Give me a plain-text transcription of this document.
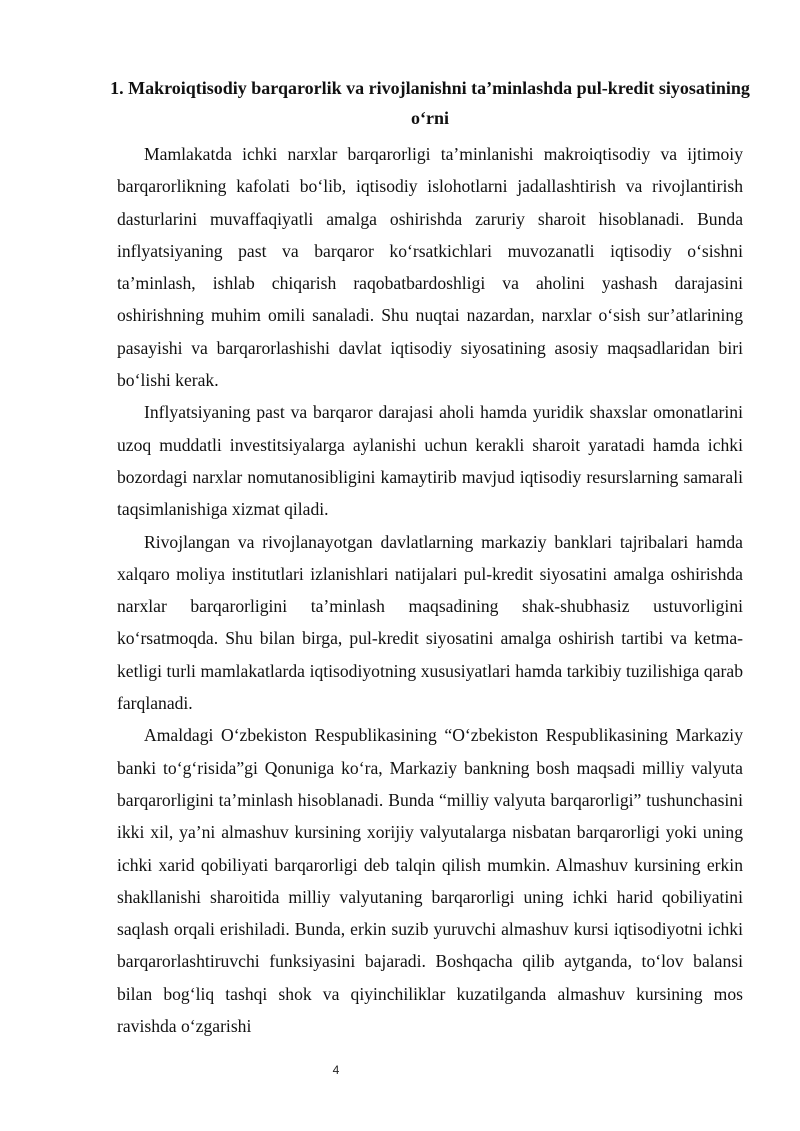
1. Makroiqtisodiy barqarorlik va rivojlanishni ta’minlashda pul-kredit siyosatining o‘rni

Mamlakatda ichki narxlar barqarorligi ta’minlanishi makroiqtisodiy va ijtimoiy barqarorlikning kafolati bo‘lib, iqtisodiy islohotlarni jadallashtirish va rivojlantirish dasturlarini muvaffaqiyatli amalga oshirishda zaruriy sharoit hisoblanadi. Bunda inflyatsiyaning past va barqaror ko‘rsatkichlari muvozanatli iqtisodiy o‘sishni ta’minlash, ishlab chiqarish raqobatbardoshligi va aholini yashash darajasini oshirishning muhim omili sanaladi. Shu nuqtai nazardan, narxlar o‘sish sur’atlarining pasayishi va barqarorlashishi davlat iqtisodiy siyosatining asosiy maqsadlaridan biri bo‘lishi kerak.

Inflyatsiyaning past va barqaror darajasi aholi hamda yuridik shaxslar omonatlarini uzoq muddatli investitsiyalarga aylanishi uchun kerakli sharoit yaratadi hamda ichki bozordagi narxlar nomutanosibligini kamaytirib mavjud iqtisodiy resurslarning samarali taqsimlanishiga xizmat qiladi.

Rivojlangan va rivojlanayotgan davlatlarning markaziy banklari tajribalari hamda xalqaro moliya institutlari izlanishlari natijalari pul-kredit siyosatini amalga oshirishda narxlar barqarorligini ta’minlash maqsadining shak-shubhasiz ustuvorligini ko‘rsatmoqda. Shu bilan birga, pul-kredit siyosatini amalga oshirish tartibi va ketma-ketligi turli mamlakatlarda iqtisodiyotning xususiyatlari hamda tarkibiy tuzilishiga qarab farqlanadi.

Amaldagi O‘zbekiston Respublikasining “O‘zbekiston Respublikasining Markaziy banki to‘g‘risida”gi Qonuniga ko‘ra, Markaziy bankning bosh maqsadi milliy valyuta barqarorligini ta’minlash hisoblanadi. Bunda “milliy valyuta barqarorligi” tushunchasini ikki xil, ya’ni almashuv kursining xorijiy valyutalarga nisbatan barqarorligi yoki uning ichki xarid qobiliyati barqarorligi deb talqin qilish mumkin. Almashuv kursining erkin shakllanishi sharoitida milliy valyutaning barqarorligi uning ichki harid qobiliyatini saqlash orqali erishiladi. Bunda, erkin suzib yuruvchi almashuv kursi iqtisodiyotni ichki barqarorlashtiruvchi funksiyasini bajaradi. Boshqacha qilib aytganda, to‘lov balansi bilan bog‘liq tashqi shok va qiyinchiliklar kuzatilganda almashuv kursining mos ravishda o‘zgarishi

4
